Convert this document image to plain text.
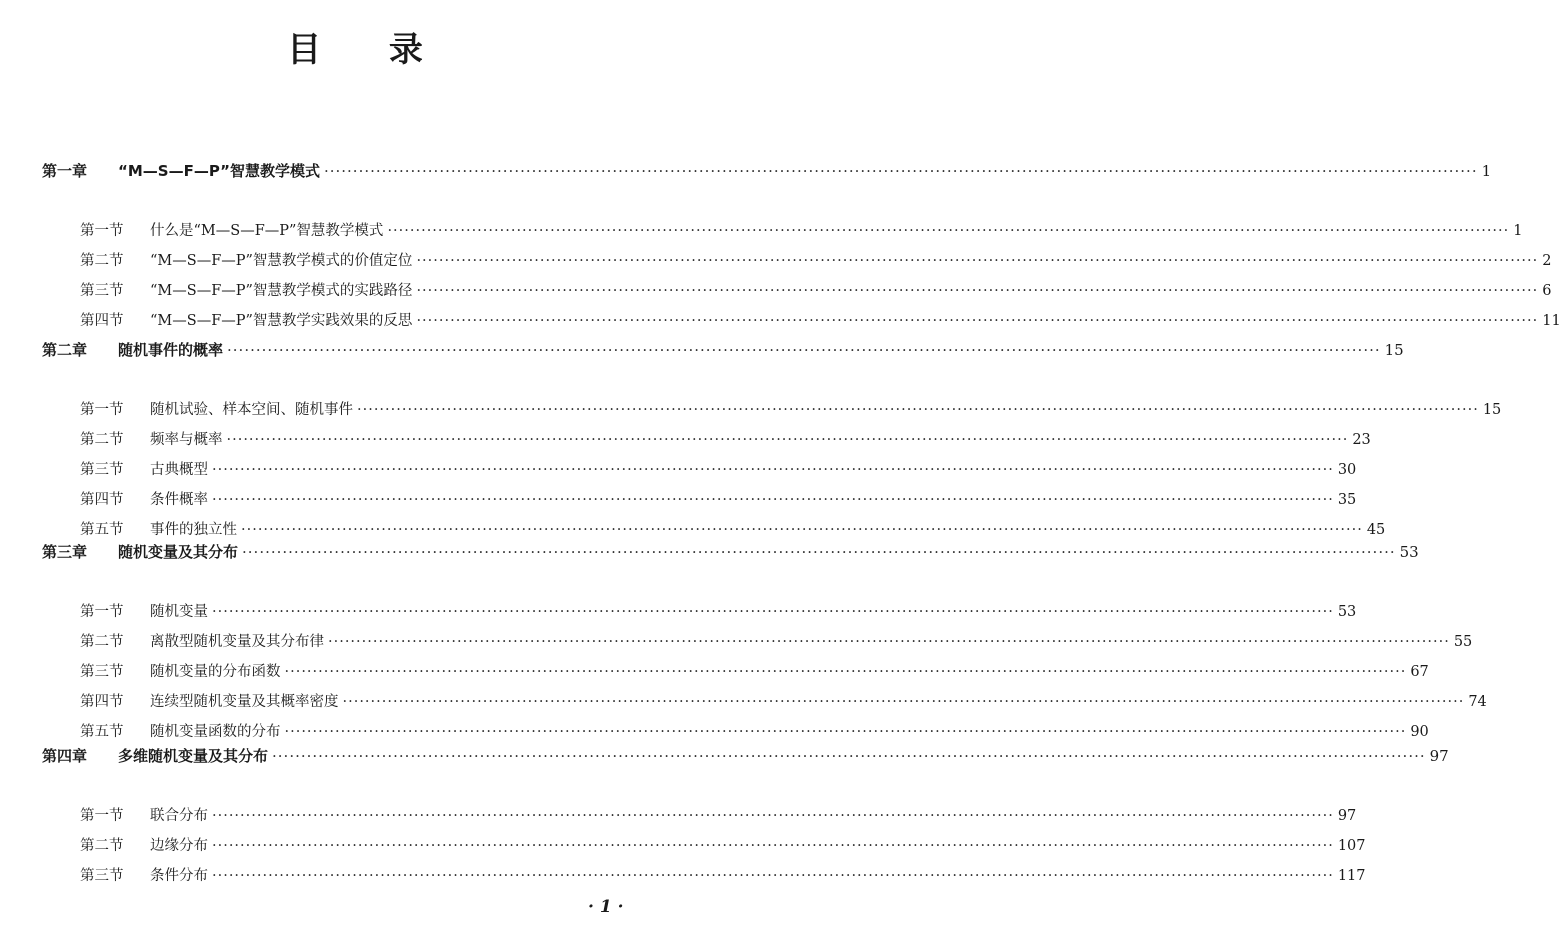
目 录
第一章	“M—S—F—P”智慧教学模式 ········································································································································································································ 1
第一节	什么是“M—S—F—P”智慧教学模式 ········································································································································································································ 1
第二节	“M—S—F—P”智慧教学模式的价值定位 ········································································································································································································ 2
第三节	“M—S—F—P”智慧教学模式的实践路径 ········································································································································································································ 6
第四节	“M—S—F—P”智慧教学实践效果的反思 ········································································································································································································ 11
第二章	随机事件的概率 ········································································································································································································ 15
第一节	随机试验、样本空间、随机事件 ········································································································································································································ 15
第二节	频率与概率 ········································································································································································································ 23
第三节	古典概型 ········································································································································································································ 30
第四节	条件概率 ········································································································································································································ 35
第五节	事件的独立性 ········································································································································································································ 45
第三章	随机变量及其分布 ········································································································································································································ 53
第一节	随机变量 ········································································································································································································ 53
第二节	离散型随机变量及其分布律 ········································································································································································································ 55
第三节	随机变量的分布函数 ········································································································································································································ 67
第四节	连续型随机变量及其概率密度 ········································································································································································································ 74
第五节	随机变量函数的分布 ········································································································································································································ 90
第四章	多维随机变量及其分布 ········································································································································································································ 97
第一节	联合分布 ········································································································································································································ 97
第二节	边缘分布 ········································································································································································································ 107
第三节	条件分布 ········································································································································································································ 117
· 1 ·
